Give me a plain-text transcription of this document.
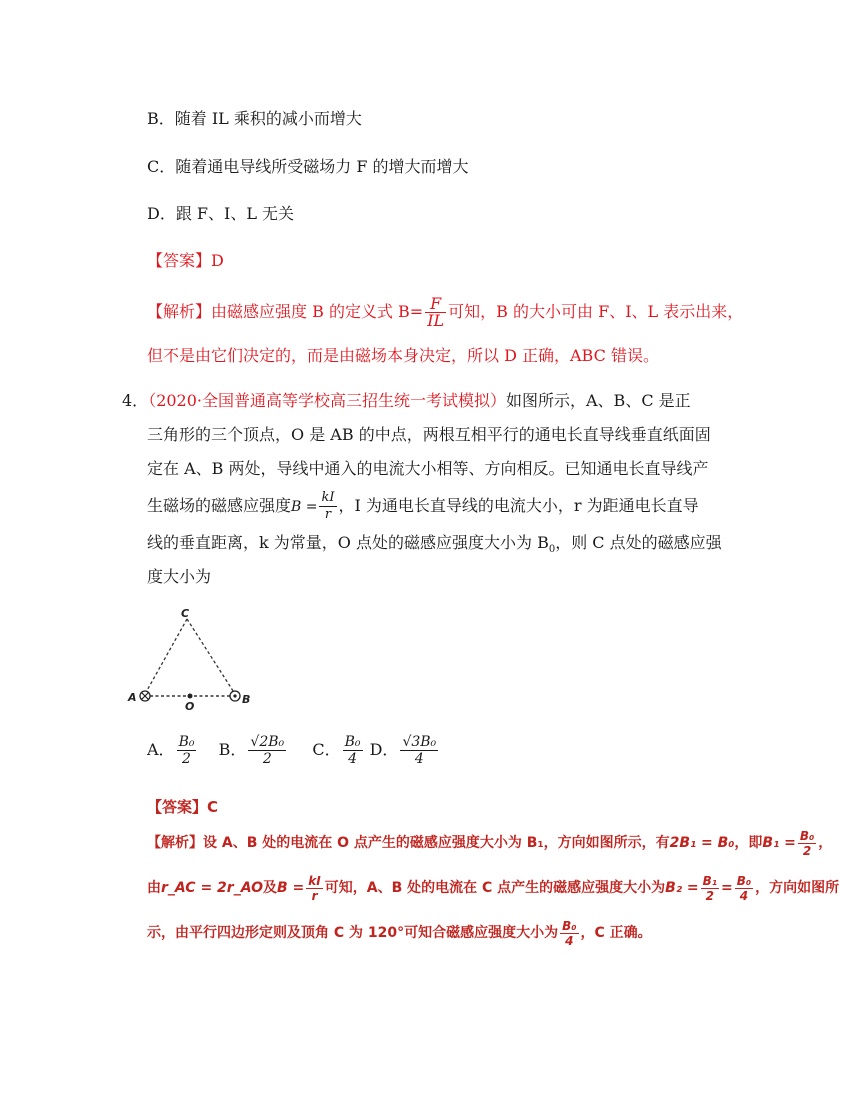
B．随着 IL 乘积的减小而增大
C．随着通电导线所受磁场力 F 的增大而增大
D．跟 F、I、L 无关
【答案】D
【解析】由磁感应强度 B 的定义式 $B= \frac{F}{IL}$ 可知，B 的大小可由 F、I、L 表示出来，
但不是由它们决定的，而是由磁场本身决定，所以 D 正确，ABC 错误。
4．（2020·全国普通高等学校高三招生统一考试模拟）如图所示，A、B、C 是正
三角形的三个顶点，O 是 AB 的中点，两根互相平行的通电长直导线垂直纸面固
定在 A、B 两处，导线中通入的电流大小相等、方向相反。已知通电长直导线产
生磁场的磁感应强度$B = \frac{kI}{r}$ ，I 为通电长直导线的电流大小，r 为距通电长直导
线的垂直距离，k 为常量，O 点处的磁感应强度大小为 $B_0$，则 C 点处的磁感应强
度大小为
C
A	B
O
A． $\frac{\text{B₀}}{2}$ B． $\frac{\text{√2B₀}}{2}$ C． $\frac{\text{B₀}}{4}$ D． $\frac{\text{√3B₀}}{4}$
【答案】C
【解析】设 A、B 处的电流在 O 点产生的磁感应强度大小为 B₁，方向如图所示，有2B₁ = B₀，即$B_1 = \frac{\text{B₀}}{2}$ ，
由r_AC = 2r_AO及$B = \frac{kI}{r}$ 可知，A、B 处的电流在 C 点产生的磁感应强度大小为$B_2 = \frac{\text{B₁}}{2} = \frac{\text{B₀}}{4}$ ，方向如图所
示，由平行四边形定则及顶角 C 为 120°可知合磁感应强度大小为 $\frac{\text{B₀}}{4}$ ，C 正确。
